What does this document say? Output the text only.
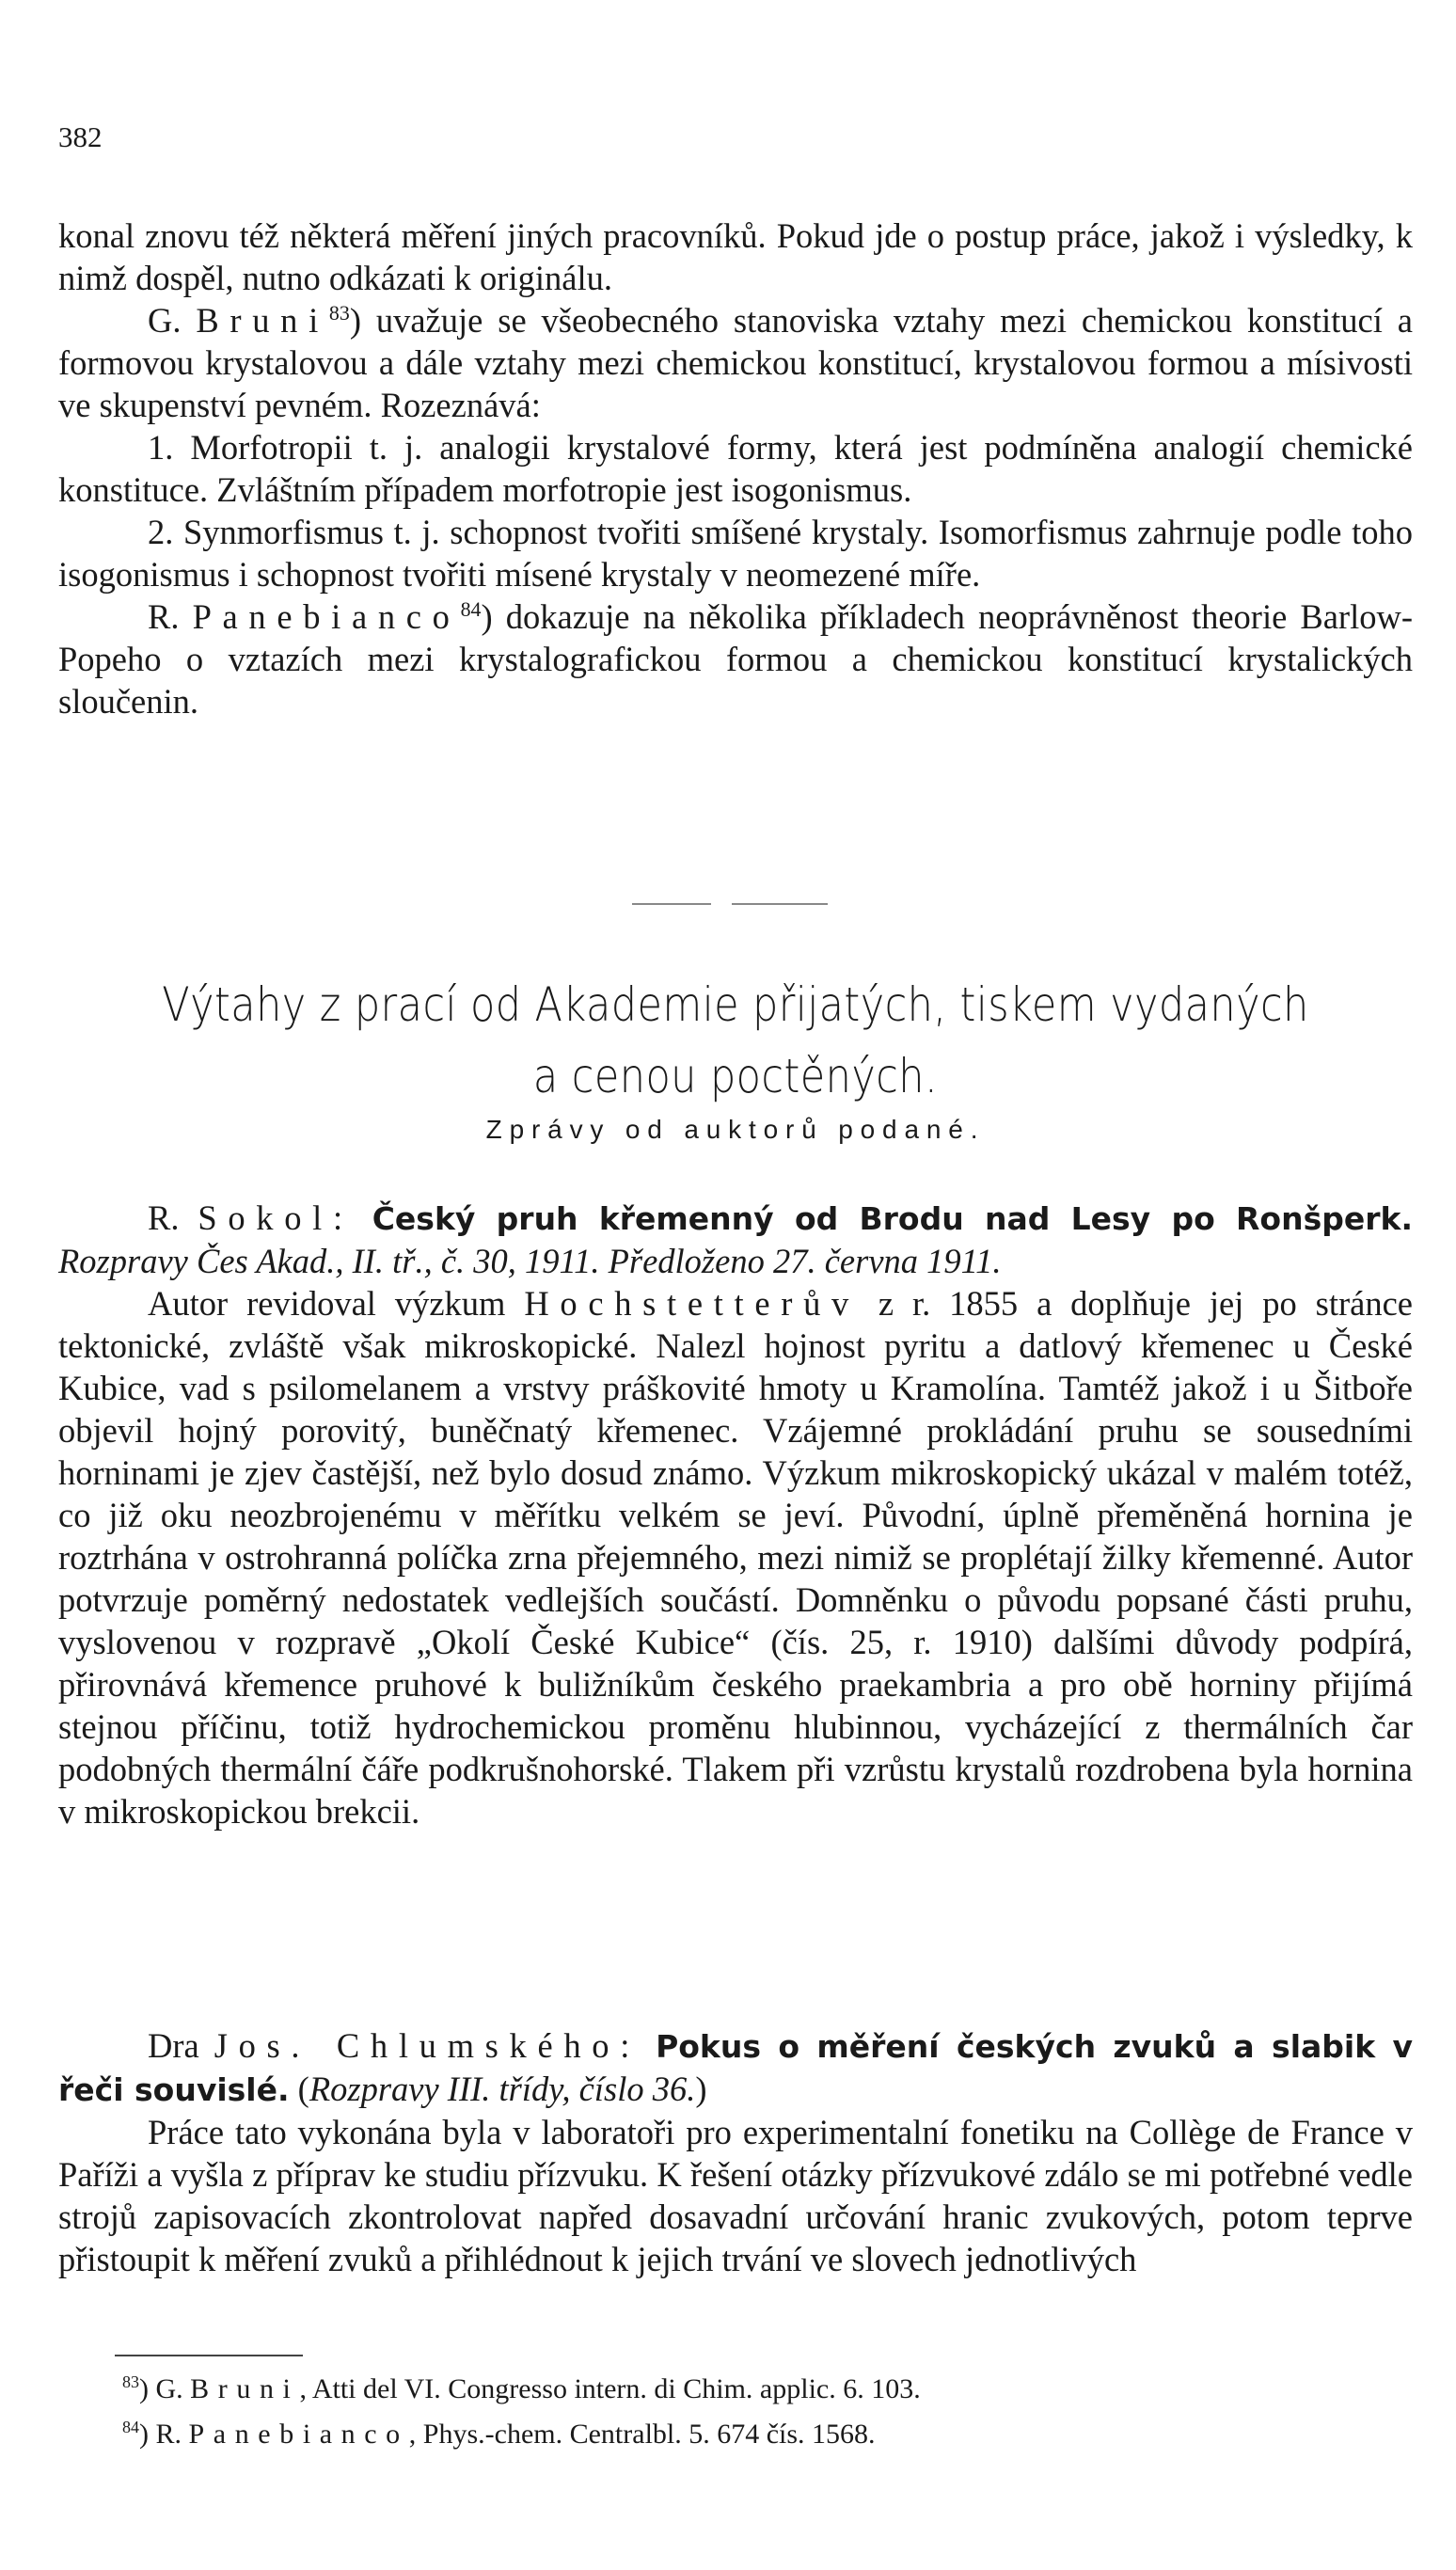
382

konal znovu též některá měření jiných pracovníků. Pokud jde o postup práce, jakož i výsledky, k nimž dospěl, nutno odkázati k originálu.

G. Bruni$^{83}$) uvažuje se všeobecného stanoviska vztahy mezi chemickou konstitucí a formovou krystalovou a dále vztahy mezi chemickou konstitucí, krystalovou formou a mísivosti ve skupenství pevném. Rozeznává:

1. Morfotropii t. j. analogii krystalové formy, která jest podmíněna analogií chemické konstituce. Zvláštním případem morfotropie jest isogonismus.

2. Synmorfismus t. j. schopnost tvořiti smíšené krystaly. Isomorfismus zahrnuje podle toho isogonismus i schopnost tvořiti mísené krystaly v neomezené míře.

R. Panebianco$^{84}$) dokazuje na několika příkladech neoprávněnost theorie Barlow-Popeho o vztazích mezi krystalografickou formou a chemickou konstitucí krystalických sloučenin.

Výtahy z prací od Akademie přijatých, tiskem vydaných
a cenou poctěných.
Zprávy od auktorů podané.

R. Sokol: Český pruh křemenný od Brodu nad Lesy po Ronšperk. Rozpravy Čes Akad., II. tř., č. 30, 1911. Předloženo 27. června 1911.

Autor revidoval výzkum Hochstetterův z r. 1855 a doplňuje jej po stránce tektonické, zvláště však mikroskopické. Nalezl hojnost pyritu a datlový křemenec u České Kubice, vad s psilomelanem a vrstvy práškovité hmoty u Kramolína. Tamtéž jakož i u Šitboře objevil hojný porovitý, buněčnatý křemenec. Vzájemné prokládání pruhu se sousedními horninami je zjev častější, než bylo dosud známo. Výzkum mikroskopický ukázal v malém totéž, co již oku neozbrojenému v měřítku velkém se jeví. Původní, úplně přeměněná hornina je roztrhána v ostrohranná políčka zrna přejemného, mezi nimiž se proplétají žilky křemenné. Autor potvrzuje poměrný nedostatek vedlejších součástí. Domněnku o původu popsané části pruhu, vyslovenou v rozpravě „Okolí České Kubice“ (čís. 25, r. 1910) dalšími důvody podpírá, přirovnává křemence pruhové k buližníkům českého praekambria a pro obě horniny přijímá stejnou příčinu, totiž hydrochemickou proměnu hlubinnou, vycházející z thermálních čar podobných thermální čáře podkrušnohorské. Tlakem při vzrůstu krystalů rozdrobena byla hornina v mikroskopickou brekcii.

Dra Jos. Chlumského: Pokus o měření českých zvuků a slabik v řeči souvislé. (Rozpravy III. třídy, číslo 36.)

Práce tato vykonána byla v laboratoři pro experimentalní fonetiku na Collège de France v Paříži a vyšla z příprav ke studiu přízvuku. K řešení otázky přízvukové zdálo se mi potřebné vedle strojů zapisovacích zkontrolovat napřed dosavadní určování hranic zvukových, potom teprve přistoupit k měření zvuků a přihlédnout k jejich trvání ve slovech jednotlivých

$^{83}$) G. Bruni, Atti del VI. Congresso intern. di Chim. applic. 6. 103.
$^{84}$) R. Panebianco, Phys.-chem. Centralbl. 5. 674 čís. 1568.
